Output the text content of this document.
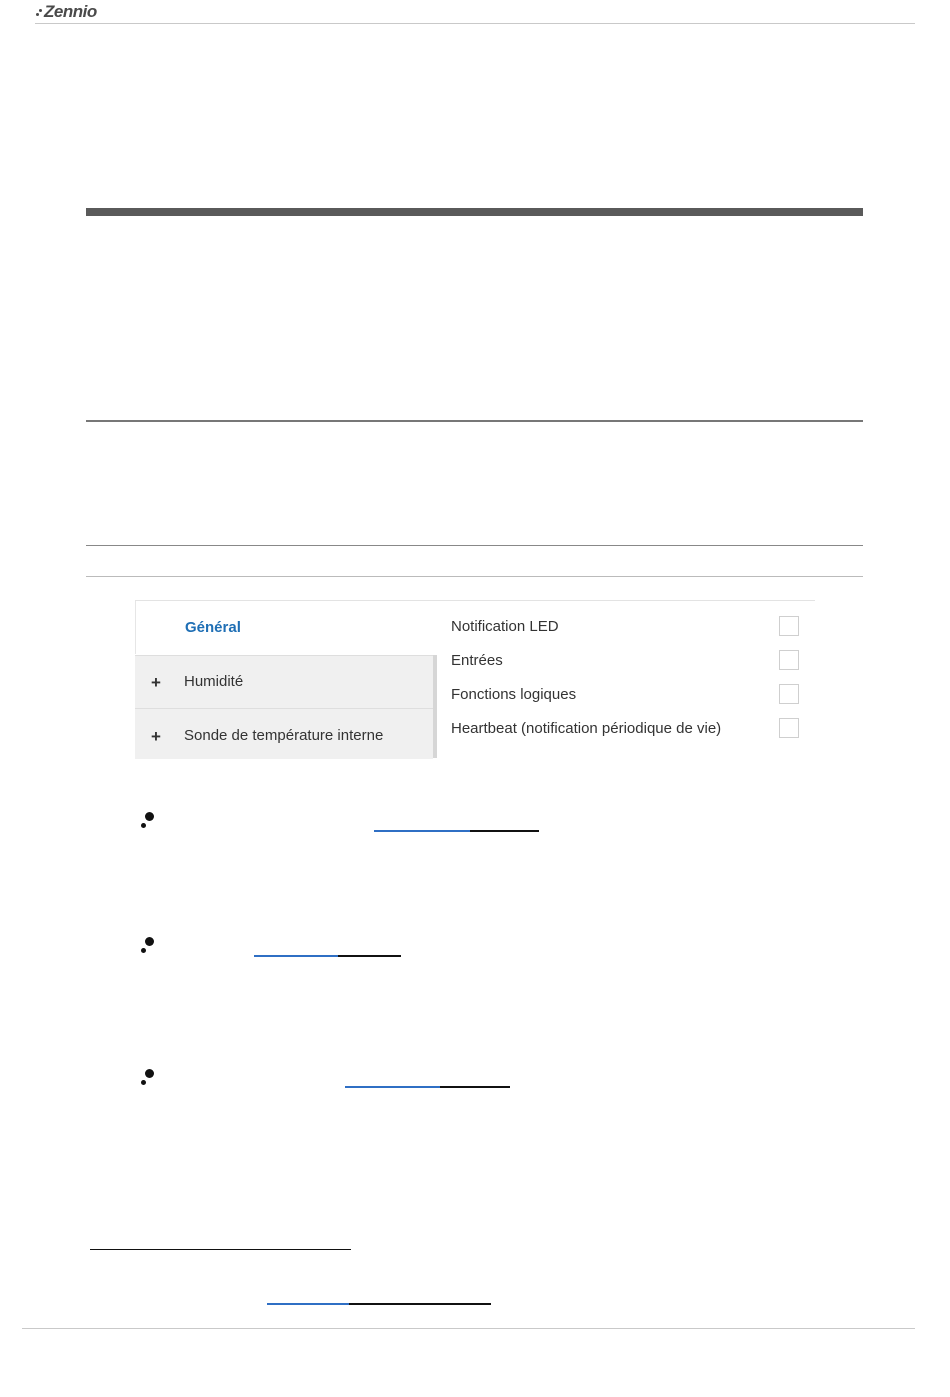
Zennio
Général
+ Humidité
+ Sonde de température interne
Notification LED
Entrées
Fonctions logiques
Heartbeat (notification périodique de vie)
